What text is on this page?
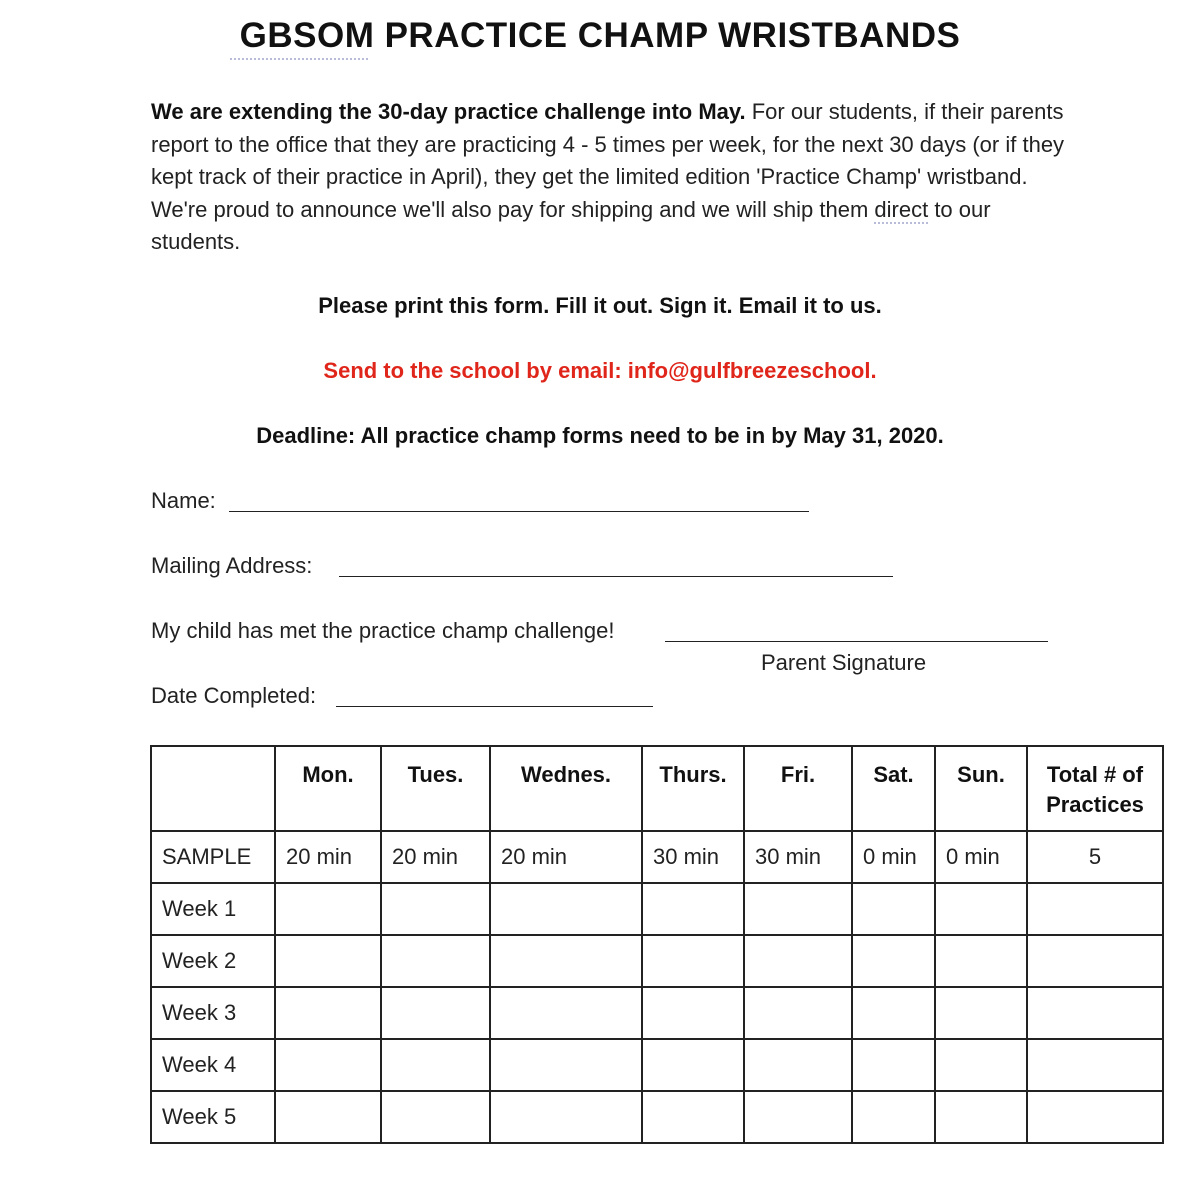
GBSOM PRACTICE CHAMP WRISTBANDS
We are extending the 30-day practice challenge into May. For our students, if their parents report to the office that they are practicing 4 - 5 times per week, for the next 30 days (or if they kept track of their practice in April), they get the limited edition 'Practice Champ' wristband. We're proud to announce we'll also pay for shipping and we will ship them direct to our students.
Please print this form. Fill it out. Sign it. Email it to us.
Send to the school by email: info@gulfbreezeschool.
Deadline: All practice champ forms need to be in by May 31, 2020.
Name:
Mailing Address:
My child has met the practice champ challenge!
Parent Signature
Date Completed:
	Mon.	Tues.	Wednes.	Thurs.	Fri.	Sat.	Sun.	Total # of Practices
SAMPLE	20 min	20 min	20 min	30 min	30 min	0 min	0 min	5
Week 1								
Week 2								
Week 3								
Week 4								
Week 5								
